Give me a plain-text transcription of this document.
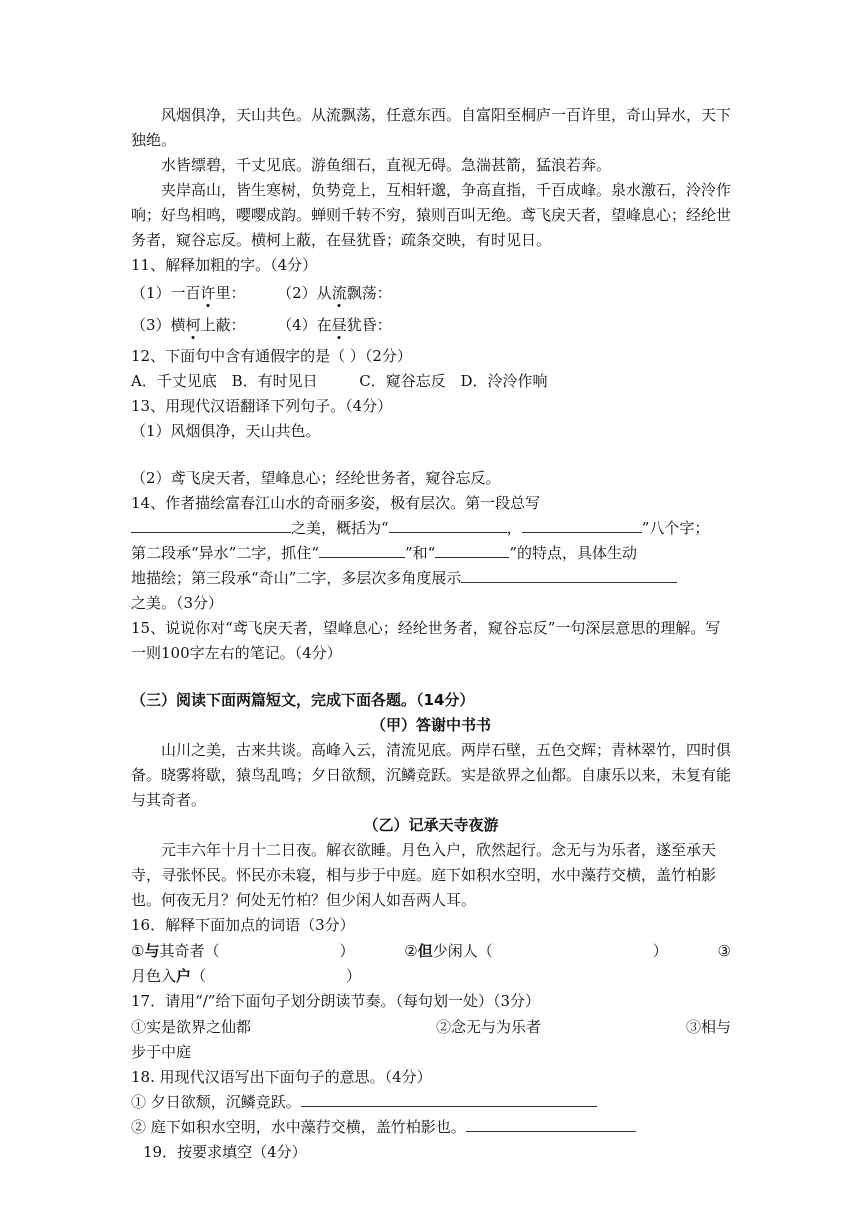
风烟俱净，天山共色。从流飘荡，任意东西。自富阳至桐庐一百许里，奇山异水，天下独绝。

水皆缥碧，千丈见底。游鱼细石，直视无碍。急湍甚箭，猛浪若奔。

夹岸高山，皆生寒树，负势竞上，互相轩邈，争高直指，千百成峰。泉水激石，泠泠作响；好鸟相鸣，嘤嘤成韵。蝉则千转不穷，猿则百叫无绝。鸢飞戾天者，望峰息心；经纶世务者，窥谷忘反。横柯上蔽，在昼犹昏；疏条交映，有时见日。

11、解释加粗的字。（4分）

（1）一百许里： （2）从流飘荡：
（3）横柯上蔽： （4）在昼犹昏：

12、下面句中含有通假字的是（ ）（2分）

A．千丈见底 B．有时见日	C．窥谷忘反 D．泠泠作响

13、用现代汉语翻译下列句子。（4分）

（1）风烟俱净，天山共色。

（2）鸢飞戾天者，望峰息心；经纶世务者，窥谷忘反。

14、作者描绘富春江山水的奇丽多姿，极有层次。第一段总写

之美，概括为“	，	”八个字；
第二段承“异水”二字，抓住“	”和“	”的特点，具体生动
地描绘；第三段承“奇山”二字，多层次多角度展示

之美。（3分）

15、说说你对“鸢飞戾天者，望峰息心；经纶世务者，窥谷忘反”一句深层意思的理解。写一则100字左右的笔记。（4分）

（三）阅读下面两篇短文，完成下面各题。（14分）

（甲）答谢中书书

山川之美，古来共谈。高峰入云，清流见底。两岸石壁，五色交辉；青林翠竹，四时俱备。晓雾将歇，猿鸟乱鸣；夕日欲颓，沉鳞竞跃。实是欲界之仙都。自康乐以来，未复有能与其奇者。

（乙）记承天寺夜游

元丰六年十月十二日夜。解衣欲睡。月色入户，欣然起行。念无与为乐者，遂至承天寺，寻张怀民。怀民亦未寝，相与步于中庭。庭下如积水空明，水中藻荇交横，盖竹柏影也。何夜无月？何处无竹柏？但少闲人如吾两人耳。

16．解释下面加点的词语（3分）

①与其奇者（	）	②但少闲人（	）	③
月色入户（	）

17．请用“/”给下面句子划分朗读节奏。（每句划一处）（3分）

①实是欲界之仙都	②念无与为乐者	③相与

步于中庭

18. 用现代汉语写出下面句子的意思。（4分）

① 夕日欲颓，沉鳞竞跃。
② 庭下如积水空明，水中藻荇交横，盖竹柏影也。

19．按要求填空（4分）
